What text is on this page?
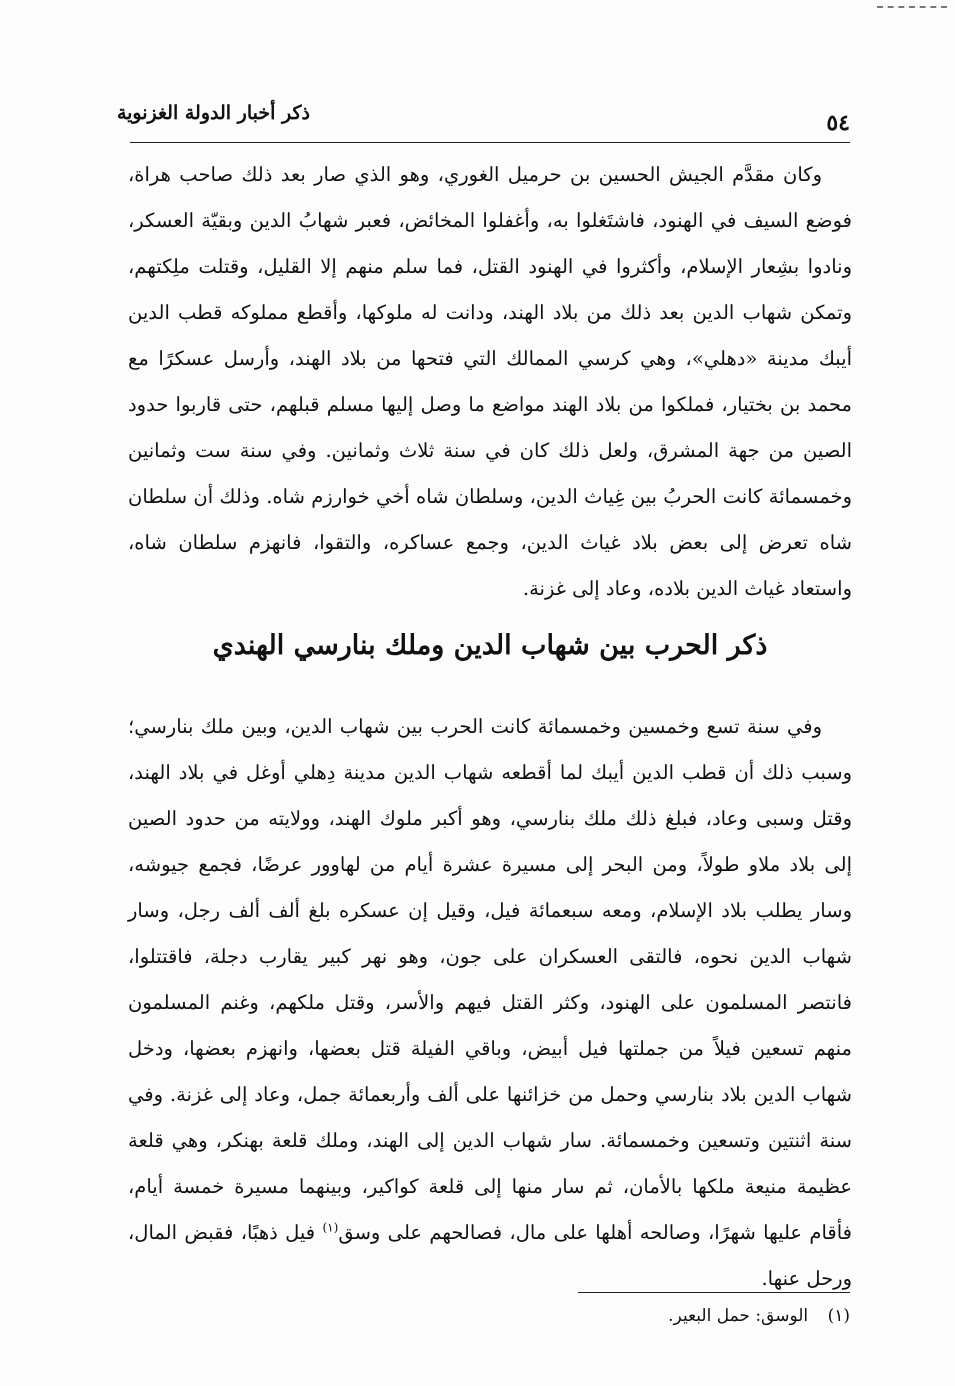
ذكر أخبار الدولة الغزنوية	٥٤

وكان مقدَّم الجيش الحسين بن حرميل الغوري، وهو الذي صار بعد ذلك صاحب هراة، فوضع السيف في الهنود، فاشتَغلوا به، وأغفلوا المخائض، فعبر شهابُ الدين وبقيّة العسكر، ونادوا بشِعار الإسلام، وأكثروا في الهنود القتل، فما سلم منهم إلا القليل، وقتلت ملِكتهم، وتمكن شهاب الدين بعد ذلك من بلاد الهند، ودانت له ملوكها، وأقطع مملوكه قطب الدين أيبك مدينة «دهلي»، وهي كرسي الممالك التي فتحها من بلاد الهند، وأرسل عسكرًا مع محمد بن بختيار، فملكوا من بلاد الهند مواضع ما وصل إليها مسلم قبلهم، حتى قاربوا حدود الصين من جهة المشرق، ولعل ذلك كان في سنة ثلاث وثمانين. وفي سنة ست وثمانين وخمسمائة كانت الحربُ بين غِياث الدين، وسلطان شاه أخي خوارزم شاه. وذلك أن سلطان شاه تعرض إلى بعض بلاد غياث الدين، وجمع عساكره، والتقوا، فانهزم سلطان شاه، واستعاد غياث الدين بلاده، وعاد إلى غزنة.

ذكر الحرب بين شهاب الدين وملك بنارسي الهندي

وفي سنة تسع وخمسين وخمسمائة كانت الحرب بين شهاب الدين، وبين ملك بنارسي؛ وسبب ذلك أن قطب الدين أيبك لما أقطعه شهاب الدين مدينة دِهلي أوغل في بلاد الهند، وقتل وسبى وعاد، فبلغ ذلك ملك بنارسي، وهو أكبر ملوك الهند، وولايته من حدود الصين إلى بلاد ملاو طولاً، ومن البحر إلى مسيرة عشرة أيام من لهاوور عرضًا، فجمع جيوشه، وسار يطلب بلاد الإسلام، ومعه سبعمائة فيل، وقيل إن عسكره بلغ ألف ألف رجل، وسار شهاب الدين نحوه، فالتقى العسكران على جون، وهو نهر كبير يقارب دجلة، فاقتتلوا، فانتصر المسلمون على الهنود، وكثر القتل فيهم والأسر، وقتل ملكهم، وغنم المسلمون منهم تسعين فيلاً من جملتها فيل أبيض، وباقي الفيلة قتل بعضها، وانهزم بعضها، ودخل شهاب الدين بلاد بنارسي وحمل من خزائنها على ألف وأربعمائة جمل، وعاد إلى غزنة. وفي سنة اثنتين وتسعين وخمسمائة. سار شهاب الدين إلى الهند، وملك قلعة بهنكر، وهي قلعة عظيمة منيعة ملكها بالأمان، ثم سار منها إلى قلعة كواكير، وبينهما مسيرة خمسة أيام، فأقام عليها شهرًا، وصالحه أهلها على مال، فصالحهم على وسق$^{(١)}$ فيل ذهبًا، فقبض المال، ورحل عنها.

(١) الوسق: حمل البعير.
